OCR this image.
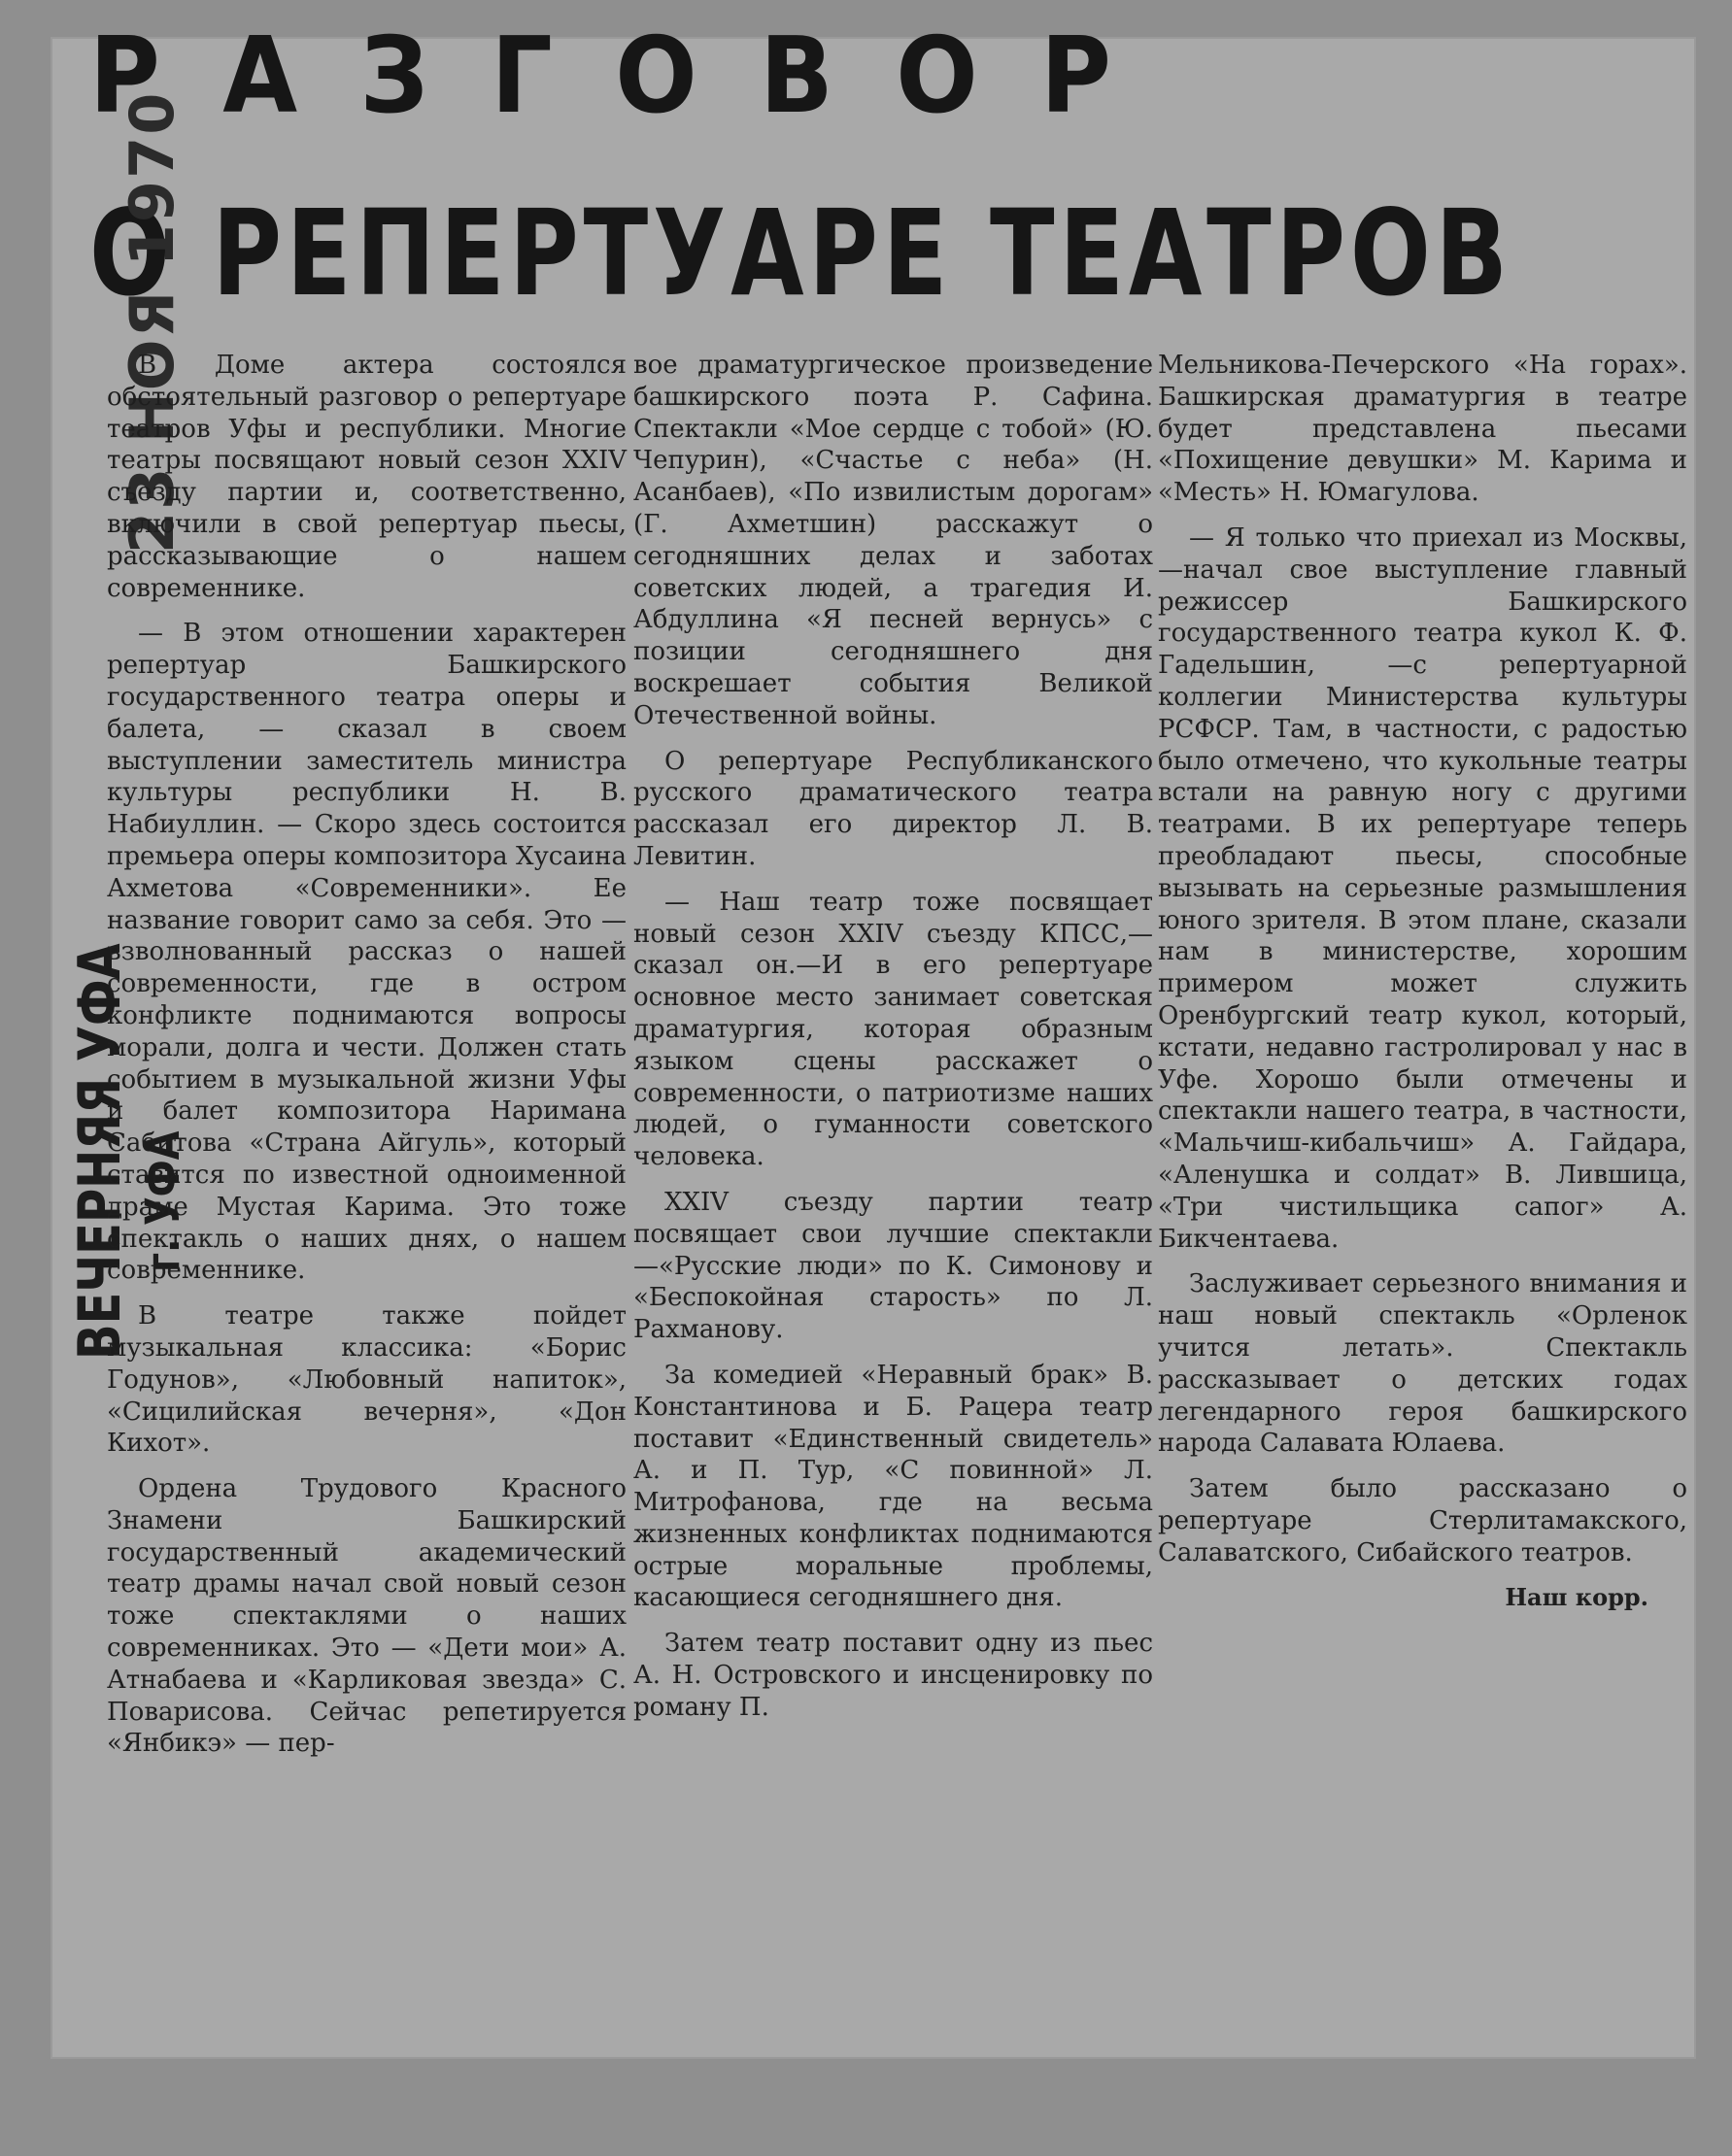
РАЗГОВОР
О РЕПЕРТУАРЕ ТЕАТРОВ
23 НОЯ 1970
ВЕЧЕРНЯЯ УФА г. УФА

В Доме актера состоялся обстоятельный разговор о репертуаре театров Уфы и республики. Многие театры посвящают новый сезон XXIV съезду партии и, соответственно, включили в свой репертуар пьесы, рассказывающие о нашем современнике.

— В этом отношении характерен репертуар Башкирского государственного театра оперы и балета, — сказал в своем выступлении заместитель министра культуры республики Н. В. Набиуллин. — Скоро здесь состоится премьера оперы композитора Хусаина Ахметова «Современники». Ее название говорит само за себя. Это — взволнованный рассказ о нашей современности, где в остром конфликте поднимаются вопросы морали, долга и чести. Должен стать событием в музыкальной жизни Уфы и балет композитора Наримана Сабитова «Страна Айгуль», который ставится по известной одноименной драме Мустая Карима. Это тоже спектакль о наших днях, о нашем современнике.

В театре также пойдет музыкальная классика: «Борис Годунов», «Любовный напиток», «Сицилийская вечерня», «Дон Кихот».

Ордена Трудового Красного Знамени Башкирский государственный академический театр драмы начал свой новый сезон тоже спектаклями о наших современниках. Это — «Дети мои» А. Атнабаева и «Карликовая звезда» С. Поварисова. Сейчас репетируется «Янбикэ» — пер-

вое драматургическое произведение башкирского поэта Р. Сафина. Спектакли «Мое сердце с тобой» (Ю. Чепурин), «Счастье с неба» (Н. Асанбаев), «По извилистым дорогам» (Г. Ахметшин) расскажут о сегодняшних делах и заботах советских людей, а трагедия И. Абдуллина «Я песней вернусь» с позиции сегодняшнего дня воскрешает события Великой Отечественной войны.

О репертуаре Республиканского русского драматического театра рассказал его директор Л. В. Левитин.

— Наш театр тоже посвящает новый сезон XXIV съезду КПСС,—сказал он.—И в его репертуаре основное место занимает советская драматургия, которая образным языком сцены расскажет о современности, о патриотизме наших людей, о гуманности советского человека.

XXIV съезду партии театр посвящает свои лучшие спектакли—«Русские люди» по К. Симонову и «Беспокойная старость» по Л. Рахманову.

За комедией «Неравный брак» В. Константинова и Б. Рацера театр поставит «Единственный свидетель» А. и П. Тур, «С повинной» Л. Митрофанова, где на весьма жизненных конфликтах поднимаются острые моральные проблемы, касающиеся сегодняшнего дня.

Затем театр поставит одну из пьес А. Н. Островского и инсценировку по роману П.

Мельникова-Печерского «На горах». Башкирская драматургия в театре будет представлена пьесами «Похищение девушки» М. Карима и «Месть» Н. Юмагулова.

— Я только что приехал из Москвы,—начал свое выступление главный режиссер Башкирского государственного театра кукол К. Ф. Гадельшин, —с репертуарной коллегии Министерства культуры РСФСР. Там, в частности, с радостью было отмечено, что кукольные театры встали на равную ногу с другими театрами. В их репертуаре теперь преобладают пьесы, способные вызывать на серьезные размышления юного зрителя. В этом плане, сказали нам в министерстве, хорошим примером может служить Оренбургский театр кукол, который, кстати, недавно гастролировал у нас в Уфе. Хорошо были отмечены и спектакли нашего театра, в частности, «Мальчиш-кибальчиш» А. Гайдара, «Аленушка и солдат» В. Лившица, «Три чистильщика сапог» А. Бикчентаева.

Заслуживает серьезного внимания и наш новый спектакль «Орленок учится летать». Спектакль рассказывает о детских годах легендарного героя башкирского народа Салавата Юлаева.

Затем было рассказано о репертуаре Стерлитамакского, Салаватского, Сибайского театров.

Наш корр.
